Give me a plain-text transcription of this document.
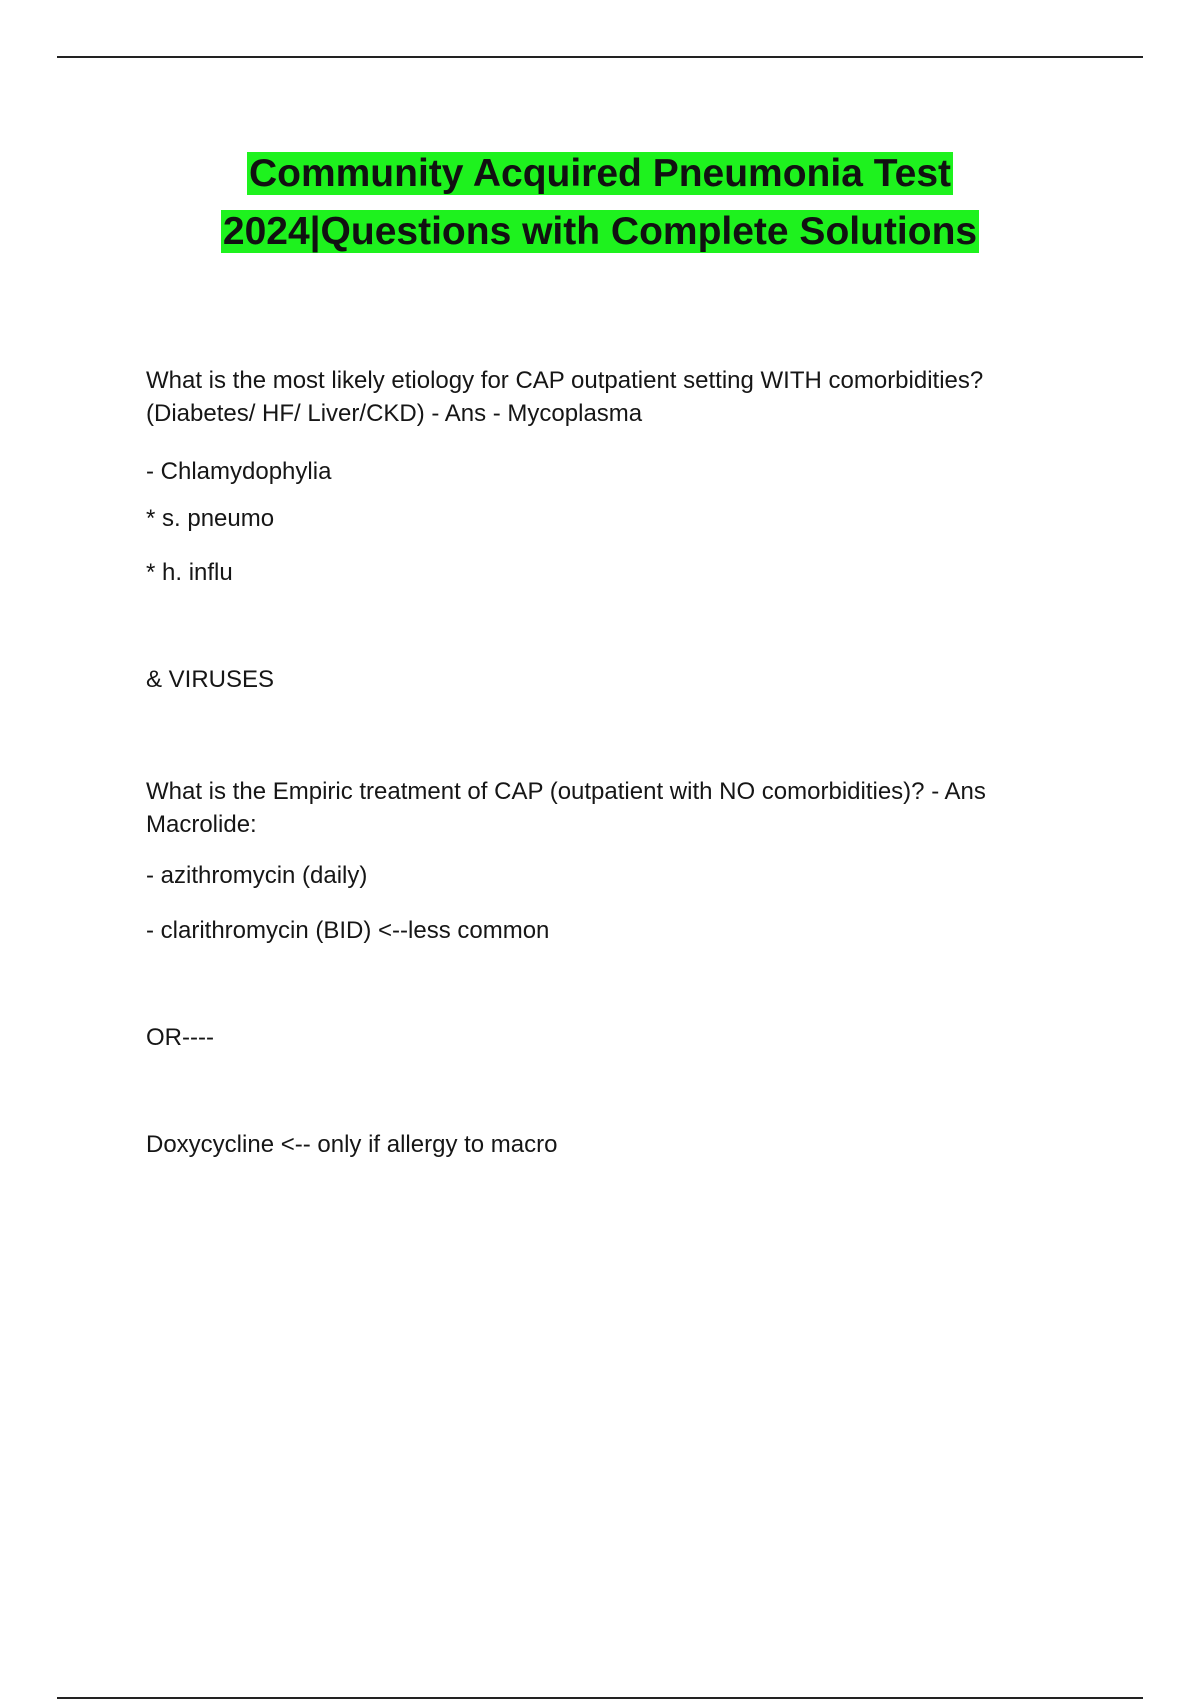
Community Acquired Pneumonia Test
2024|Questions with Complete Solutions
What is the most likely etiology for CAP outpatient setting WITH comorbidities?
(Diabetes/ HF/ Liver/CKD) - Ans - Mycoplasma
- Chlamydophylia
* s. pneumo
* h. influ
& VIRUSES
What is the Empiric treatment of CAP (outpatient with NO comorbidities)? - Ans
Macrolide:
- azithromycin (daily)
- clarithromycin (BID) <--less common
OR----
Doxycycline <-- only if allergy to macro
